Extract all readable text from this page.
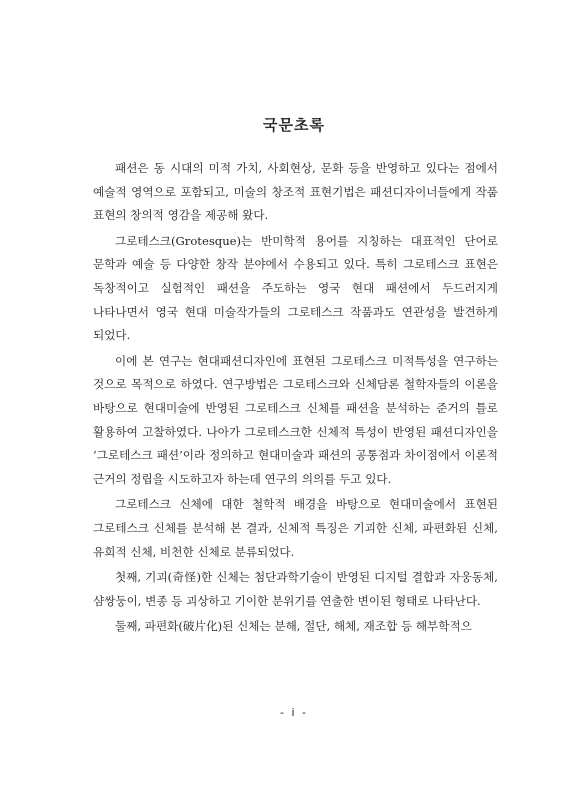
국문초록

패션은 동 시대의 미적 가치, 사회현상, 문화 등을 반영하고 있다는 점에서 예술적 영역으로 포함되고, 미술의 창조적 표현기법은 패션디자이너들에게 작품 표현의 창의적 영감을 제공해 왔다.

그로테스크(Grotesque)는 반미학적 용어를 지칭하는 대표적인 단어로 문학과 예술 등 다양한 창작 분야에서 수용되고 있다. 특히 그로테스크 표현은 독창적이고 실험적인 패션을 주도하는 영국 현대 패션에서 두드러지게 나타나면서 영국 현대 미술작가들의 그로테스크 작품과도 연관성을 발견하게 되었다.

이에 본 연구는 현대패션디자인에 표현된 그로테스크 미적특성을 연구하는 것으로 목적으로 하였다. 연구방법은 그로테스크와 신체담론 철학자들의 이론을 바탕으로 현대미술에 반영된 그로테스크 신체를 패션을 분석하는 준거의 틀로 활용하여 고찰하였다. 나아가 그로테스크한 신체적 특성이 반영된 패션디자인을 ‘그로테스크 패션’이라 정의하고 현대미술과 패션의 공통점과 차이점에서 이론적 근거의 정립을 시도하고자 하는데 연구의 의의를 두고 있다.

그로테스크 신체에 대한 철학적 배경을 바탕으로 현대미술에서 표현된 그로테스크 신체를 분석해 본 결과, 신체적 특징은 기괴한 신체, 파편화된 신체, 유희적 신체, 비천한 신체로 분류되었다.

첫째, 기괴(奇怪)한 신체는 첨단과학기술이 반영된 디지털 결합과 자웅동체, 샴쌍둥이, 변종 등 괴상하고 기이한 분위기를 연출한 변이된 형태로 나타난다.

둘째, 파편화(破片化)된 신체는 분해, 절단, 해체, 재조합 등 해부학적으

- i -
